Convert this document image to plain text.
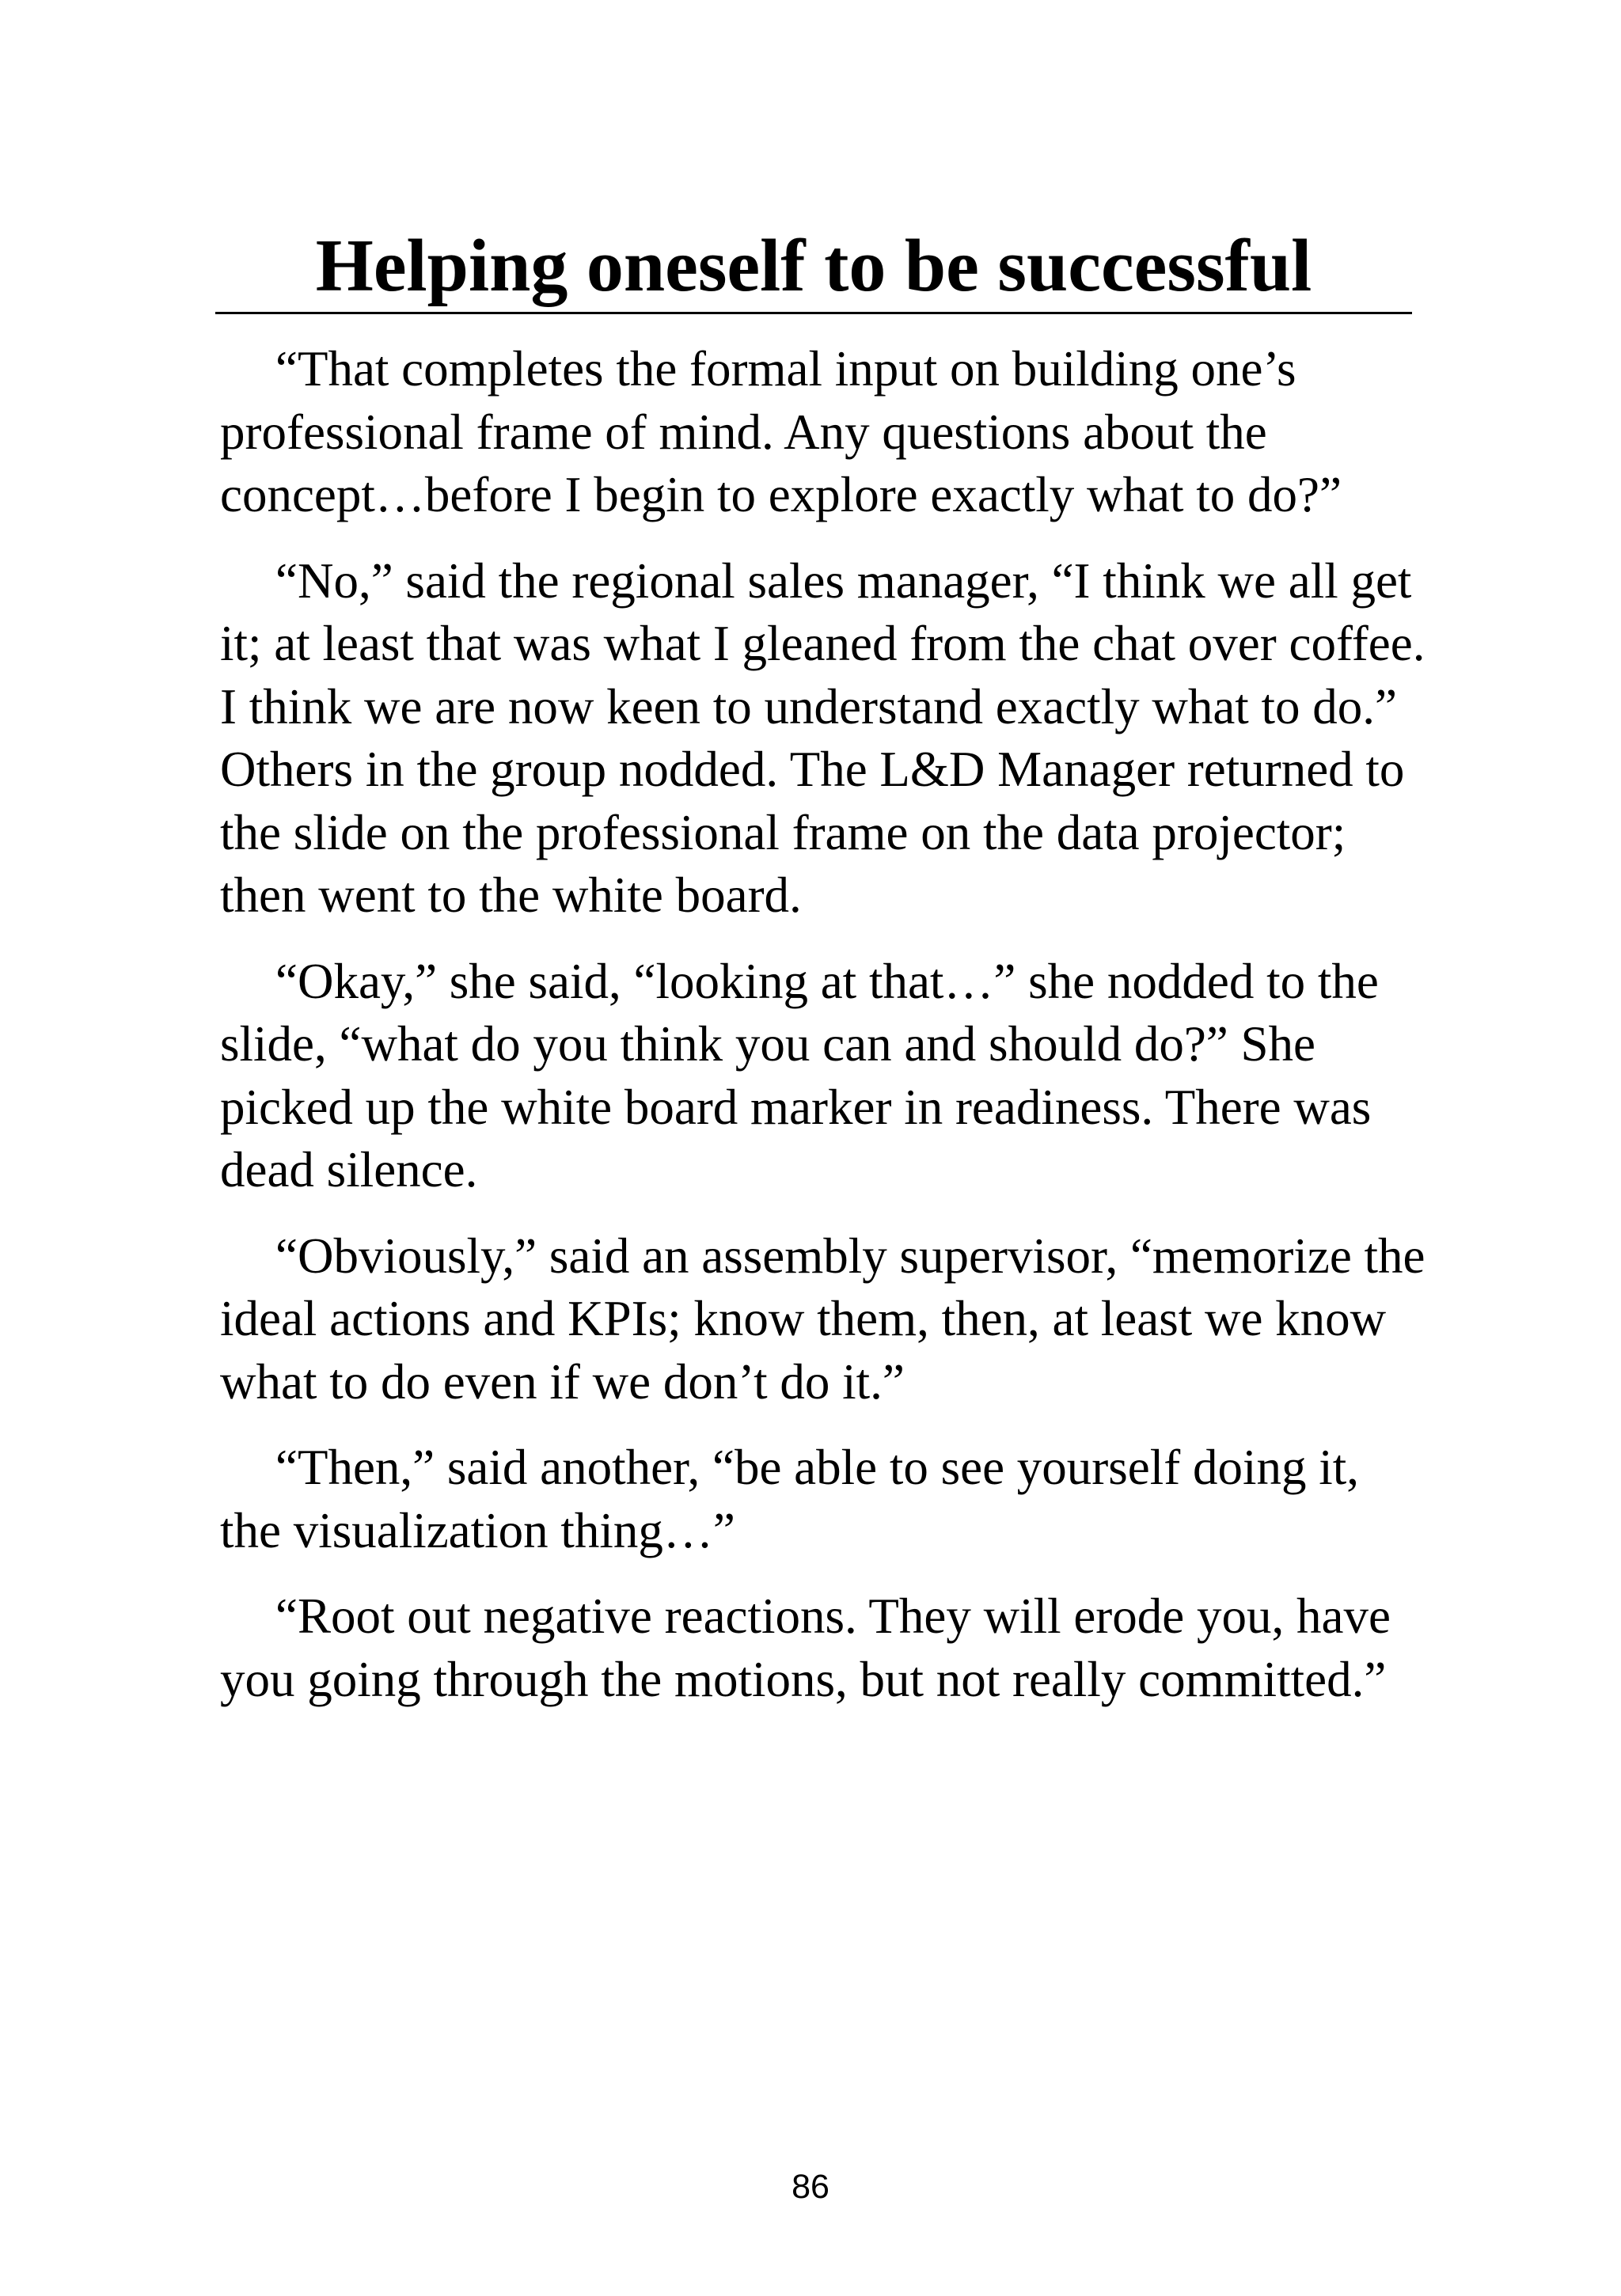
Helping oneself to be successful

“That completes the formal input on building one’s professional frame of mind. Any questions about the concept…before I begin to explore exactly what to do?”

“No,” said the regional sales manager, “I think we all get it; at least that was what I gleaned from the chat over coffee. I think we are now keen to understand exactly what to do.” Others in the group nodded. The L&D Manager returned to the slide on the professional frame on the data projector; then went to the white board.

“Okay,” she said, “looking at that…” she nodded to the slide, “what do you think you can and should do?” She picked up the white board marker in readiness. There was dead silence.

“Obviously,” said an assembly supervisor, “memorize the ideal actions and KPIs; know them, then, at least we know what to do even if we don’t do it.”

“Then,” said another, “be able to see yourself doing it, the visualization thing…”

“Root out negative reactions. They will erode you, have you going through the motions, but not really committed.”

86
